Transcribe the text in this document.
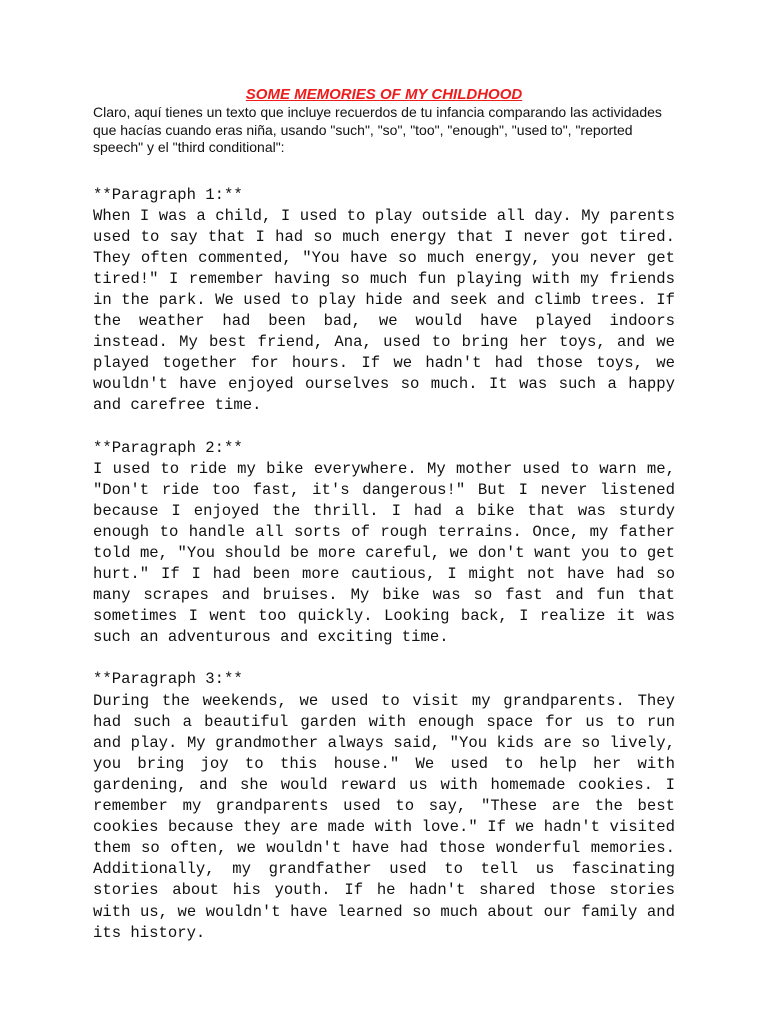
SOME MEMORIES OF MY CHILDHOOD

Claro, aquí tienes un texto que incluye recuerdos de tu infancia comparando las actividades que hacías cuando eras niña, usando "such", "so", "too", "enough", "used to", "reported speech" y el "third conditional":

**Paragraph 1:**

When I was a child, I used to play outside all day. My parents used to say that I had so much energy that I never got tired. They often commented, "You have so much energy, you never get tired!" I remember having so much fun playing with my friends in the park. We used to play hide and seek and climb trees. If the weather had been bad, we would have played indoors instead. My best friend, Ana, used to bring her toys, and we played together for hours. If we hadn't had those toys, we wouldn't have enjoyed ourselves so much. It was such a happy and carefree time.

**Paragraph 2:**

I used to ride my bike everywhere. My mother used to warn me, "Don't ride too fast, it's dangerous!" But I never listened because I enjoyed the thrill. I had a bike that was sturdy enough to handle all sorts of rough terrains. Once, my father told me, "You should be more careful, we don't want you to get hurt." If I had been more cautious, I might not have had so many scrapes and bruises. My bike was so fast and fun that sometimes I went too quickly. Looking back, I realize it was such an adventurous and exciting time.

**Paragraph 3:**

During the weekends, we used to visit my grandparents. They had such a beautiful garden with enough space for us to run and play. My grandmother always said, "You kids are so lively, you bring joy to this house." We used to help her with gardening, and she would reward us with homemade cookies. I remember my grandparents used to say, "These are the best cookies because they are made with love." If we hadn't visited them so often, we wouldn't have had those wonderful memories. Additionally, my grandfather used to tell us fascinating stories about his youth. If he hadn't shared those stories with us, we wouldn't have learned so much about our family and its history.
